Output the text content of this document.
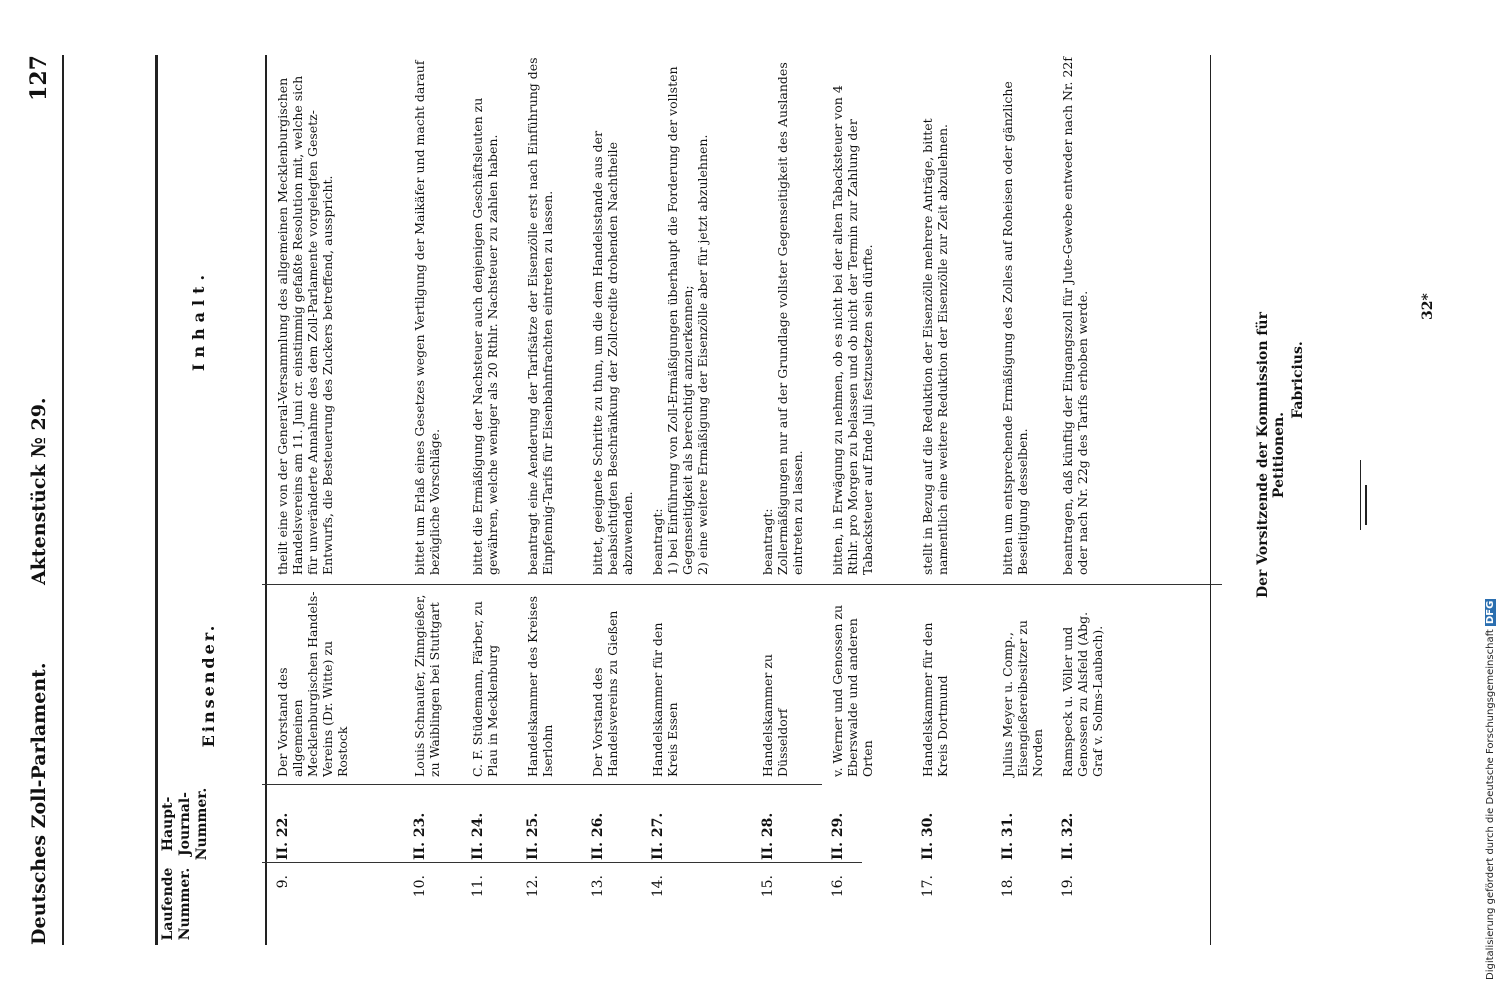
Deutsches Zoll-Parlament.
Aktenstück № 29.
127
Laufende Nummer.
Haupt-Journal-Nummer.
Einsender.
Inhalt.
9.
II. 22.
Der Vorstand des allgemeinen Mecklenburgischen Handels-Vereins (Dr. Witte) zu Rostock
theilt eine von der General-Versammlung des allgemeinen Mecklenburgischen Handelsvereins am 11. Juni cr. einstimmig gefaßte Resolution mit, welche sich für unveränderte Annahme des dem Zoll-Parlamente vorgelegten Gesetz-Entwurfs, die Besteuerung des Zuckers betreffend, ausspricht.
10.
II. 23.
Louis Schnaufer, Zinngießer, zu Waiblingen bei Stuttgart
bittet um Erlaß eines Gesetzes wegen Vertilgung der Maikäfer und macht darauf bezügliche Vorschläge.
11.
II. 24.
C. F. Stüdemann, Färber, zu Plau in Mecklenburg
bittet die Ermäßigung der Nachsteuer auch denjenigen Geschäftsleuten zu gewähren, welche weniger als 20 Rthlr. Nachsteuer zu zahlen haben.
12.
II. 25.
Handelskammer des Kreises Iserlohn
beantragt eine Aenderung der Tarifsätze der Eisenzölle erst nach Einführung des Einpfennig-Tarifs für Eisenbahnfrachten eintreten zu lassen.
13.
II. 26.
Der Vorstand des Handelsvereins zu Gießen
bittet, geeignete Schritte zu thun, um die dem Handelsstande aus der beabsichtigten Beschränkung der Zollcredite drohenden Nachtheile abzuwenden.
14.
II. 27.
Handelskammer für den Kreis Essen
beantragt:
1) bei Einführung von Zoll-Ermäßigungen überhaupt die Forderung der vollsten Gegenseitigkeit als berechtigt anzuerkennen;
2) eine weitere Ermäßigung der Eisenzölle aber für jetzt abzulehnen.
15.
II. 28.
Handelskammer zu Düsseldorf
beantragt:
Zollermäßigungen nur auf der Grundlage vollster Gegenseitigkeit des Auslandes eintreten zu lassen.
16.
II. 29.
v. Werner und Genossen zu Eberswalde und anderen Orten
bitten, in Erwägung zu nehmen, ob es nicht bei der alten Tabacksteuer von 4 Rthlr. pro Morgen zu belassen und ob nicht der Termin zur Zahlung der Tabacksteuer auf Ende Juli festzusetzen sein dürfte.
17.
II. 30.
Handelskammer für den Kreis Dortmund
stellt in Bezug auf die Reduktion der Eisenzölle mehrere Anträge, bittet namentlich eine weitere Reduktion der Eisenzölle zur Zeit abzulehnen.
18.
II. 31.
Julius Meyer u. Comp., Eisengießereibesitzer zu Norden
bitten um entsprechende Ermäßigung des Zolles auf Roheisen oder gänzliche Beseitigung desselben.
19.
II. 32.
Ramspeck u. Völler und Genossen zu Alsfeld (Abg. Graf v. Solms-Laubach).
beantragen, daß künftig der Eingangszoll für Jute-Gewebe entweder nach Nr. 22f oder nach Nr. 22g des Tarifs erhoben werde.	Der Vorsitzende der Kommission für Petitionen.
Fabricius.
32*
Digitalisierung gefördert durch die Deutsche Forschungsgemeinschaft DFG
